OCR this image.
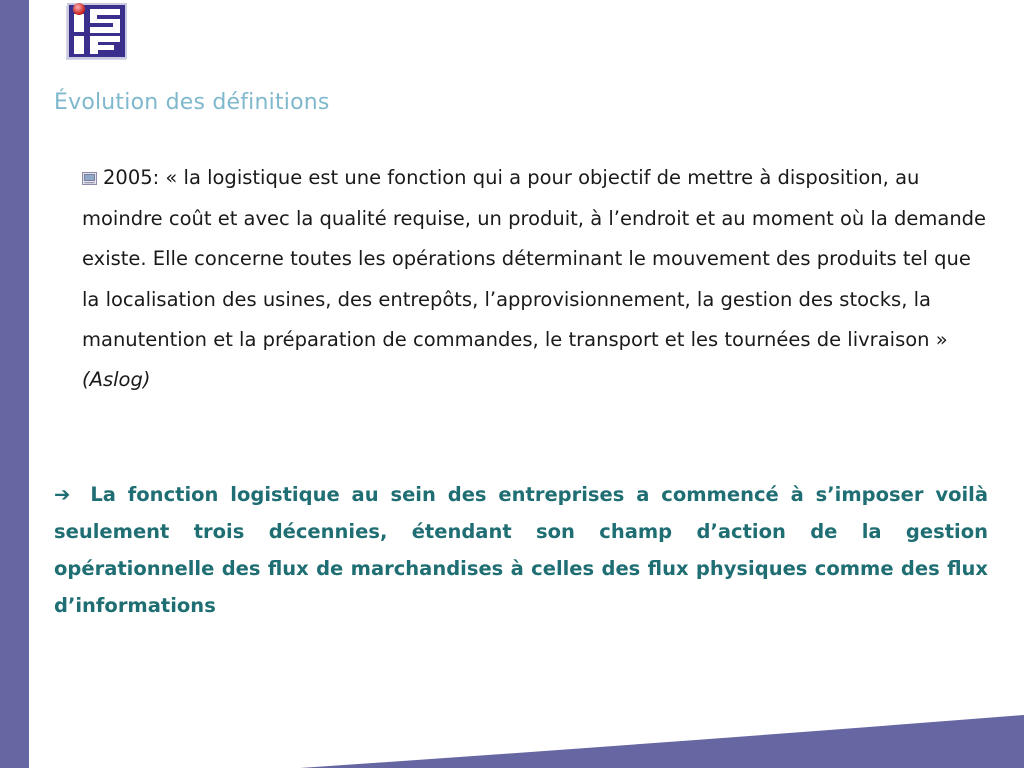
Évolution des définitions

2005: « la logistique est une fonction qui a pour objectif de mettre à disposition, au moindre coût et avec la qualité requise, un produit, à l’endroit et au moment où la demande existe. Elle concerne toutes les opérations déterminant le mouvement des produits tel que la localisation des usines, des entrepôts, l’approvisionnement, la gestion des stocks, la manutention et la préparation de commandes, le transport et les tournées de livraison » (Aslog)

➔ La fonction logistique au sein des entreprises a commencé à s’imposer voilà seulement trois décennies, étendant son champ d’action de la gestion opérationnelle des flux de marchandises à celles des flux physiques comme des flux d’informations
